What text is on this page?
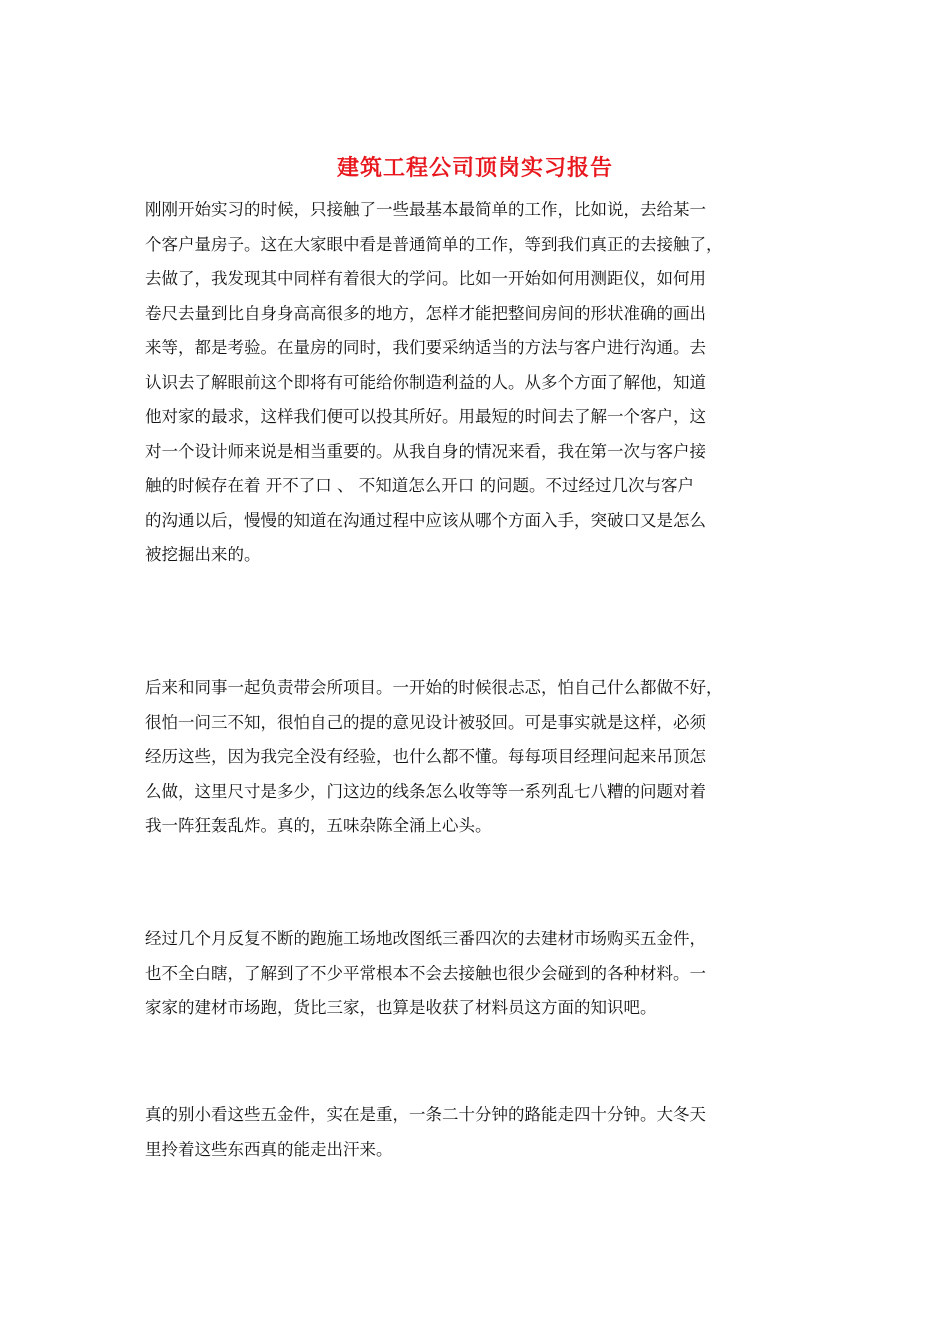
建筑工程公司顶岗实习报告
刚刚开始实习的时候，只接触了一些最基本最简单的工作，比如说，去给某一
个客户量房子。这在大家眼中看是普通简单的工作，等到我们真正的去接触了，
去做了，我发现其中同样有着很大的学问。比如一开始如何用测距仪，如何用
卷尺去量到比自身身高高很多的地方，怎样才能把整间房间的形状准确的画出
来等，都是考验。在量房的同时，我们要采纳适当的方法与客户进行沟通。去
认识去了解眼前这个即将有可能给你制造利益的人。从多个方面了解他，知道
他对家的最求，这样我们便可以投其所好。用最短的时间去了解一个客户，这
对一个设计师来说是相当重要的。从我自身的情况来看，我在第一次与客户接
触的时候存在着 开不了口 、 不知道怎么开口 的问题。不过经过几次与客户
的沟通以后，慢慢的知道在沟通过程中应该从哪个方面入手，突破口又是怎么
被挖掘出来的。
后来和同事一起负责带会所项目。一开始的时候很忐忑，怕自己什么都做不好，
很怕一问三不知，很怕自己的提的意见设计被驳回。可是事实就是这样，必须
经历这些，因为我完全没有经验，也什么都不懂。每每项目经理问起来吊顶怎
么做，这里尺寸是多少，门这边的线条怎么收等等一系列乱七八糟的问题对着
我一阵狂轰乱炸。真的，五味杂陈全涌上心头。
经过几个月反复不断的跑施工场地改图纸三番四次的去建材市场购买五金件，
也不全白瞎，了解到了不少平常根本不会去接触也很少会碰到的各种材料。一
家家的建材市场跑，货比三家，也算是收获了材料员这方面的知识吧。
真的别小看这些五金件，实在是重，一条二十分钟的路能走四十分钟。大冬天
里拎着这些东西真的能走出汗来。
